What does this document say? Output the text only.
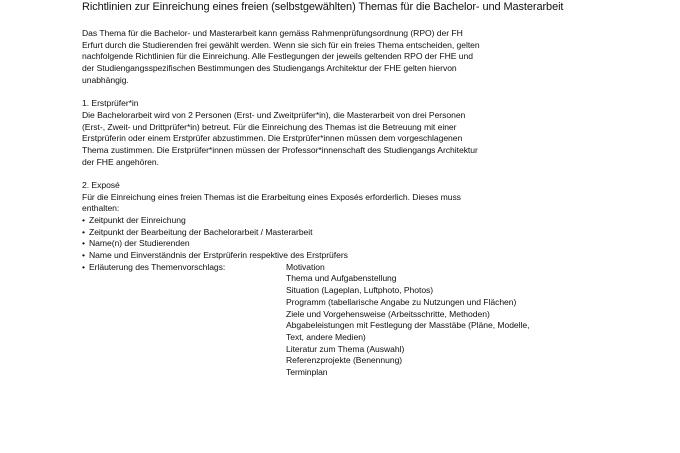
Richtlinien zur Einreichung eines freien (selbstgewählten) Themas für die Bachelor- und Masterarbeit
Das Thema für die Bachelor- und Masterarbeit kann gemäss Rahmenprüfungsordnung (RPO) der FH
Erfurt durch die Studierenden frei gewählt werden. Wenn sie sich für ein freies Thema entscheiden, gelten
nachfolgende Richtlinien für die Einreichung. Alle Festlegungen der jeweils geltenden RPO der FHE und
der Studiengangsspezifischen Bestimmungen des Studiengangs Architektur der FHE gelten hiervon
unabhängig.
1. Erstprüfer*in
Die Bachelorarbeit wird von 2 Personen (Erst- und Zweitprüfer*in), die Masterarbeit von drei Personen
(Erst-, Zweit- und Drittprüfer*in) betreut. Für die Einreichung des Themas ist die Betreuung mit einer
Erstprüferin oder einem Erstprüfer abzustimmen. Die Erstprüfer*innen müssen dem vorgeschlagenen
Thema zustimmen. Die Erstprüfer*innen müssen der Professor*innenschaft des Studiengangs Architektur
der FHE angehören.
2. Exposé
Für die Einreichung eines freien Themas ist die Erarbeitung eines Exposés erforderlich. Dieses muss
enthalten:
• Zeitpunkt der Einreichung
• Zeitpunkt der Bearbeitung der Bachelorarbeit / Masterarbeit
• Name(n) der Studierenden
• Name und Einverständnis der Erstprüferin respektive des Erstprüfers
• Erläuterung des Themenvorschlags:	Motivation
Thema und Aufgabenstellung
Situation (Lageplan, Luftphoto, Photos)
Programm (tabellarische Angabe zu Nutzungen und Flächen)
Ziele und Vorgehensweise (Arbeitsschritte, Methoden)
Abgabeleistungen mit Festlegung der Masstäbe (Pläne, Modelle,
Text, andere Medien)
Literatur zum Thema (Auswahl)
Referenzprojekte (Benennung)
Terminplan
